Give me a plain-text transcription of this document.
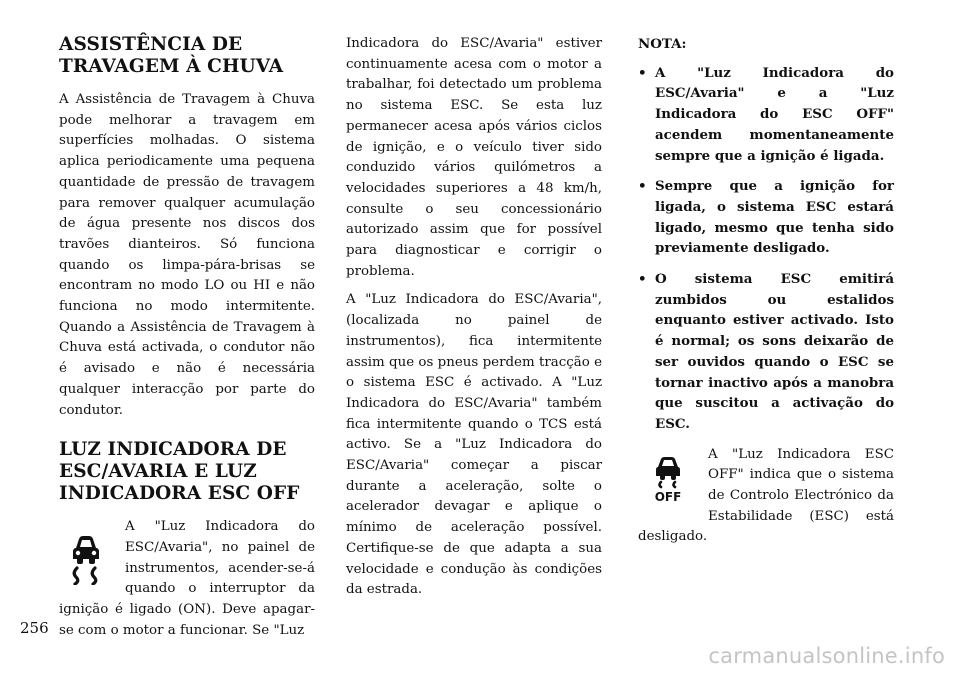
ASSISTÊNCIA DE TRAVAGEM À CHUVA

A Assistência de Travagem à Chuva pode melhorar a travagem em superfícies molhadas. O sistema aplica periodicamente uma pequena quantidade de pressão de travagem para remover qualquer acumulação de água presente nos discos dos travões dianteiros. Só funciona quando os limpa-pára-brisas se encontram no modo LO ou HI e não funciona no modo intermitente. Quando a Assistência de Travagem à Chuva está activada, o condutor não é avisado e não é necessária qualquer interacção por parte do condutor.

LUZ INDICADORA DE ESC/AVARIA E LUZ INDICADORA ESC OFF

A "Luz Indicadora do ESC/Avaria", no painel de instrumentos, acender-se-á quando o interruptor da ignição é ligado (ON). Deve apagar-se com o motor a funcionar. Se "Luz

Indicadora do ESC/Avaria" estiver continuamente acesa com o motor a trabalhar, foi detectado um problema no sistema ESC. Se esta luz permanecer acesa após vários ciclos de ignição, e o veículo tiver sido conduzido vários quilómetros a velocidades superiores a 48 km/h, consulte o seu concessionário autorizado assim que for possível para diagnosticar e corrigir o problema.

A "Luz Indicadora do ESC/Avaria", (localizada no painel de instrumentos), fica intermitente assim que os pneus perdem tracção e o sistema ESC é activado. A "Luz Indicadora do ESC/Avaria" também fica intermitente quando o TCS está activo. Se a "Luz Indicadora do ESC/Avaria" começar a piscar durante a aceleração, solte o acelerador devagar e aplique o mínimo de aceleração possível. Certifique-se de que adapta a sua velocidade e condução às condições da estrada.

NOTA:
• A "Luz Indicadora do ESC/Avaria" e a "Luz Indicadora do ESC OFF" acendem momentaneamente sempre que a ignição é ligada.
• Sempre que a ignição for ligada, o sistema ESC estará ligado, mesmo que tenha sido previamente desligado.
• O sistema ESC emitirá zumbidos ou estalidos enquanto estiver activado. Isto é normal; os sons deixarão de ser ouvidos quando o ESC se tornar inactivo após a manobra que suscitou a activação do ESC.
OFF

A "Luz Indicadora ESC OFF" indica que o sistema de Controlo Electrónico da Estabilidade (ESC) está desligado.

256
carmanualsonline.info
